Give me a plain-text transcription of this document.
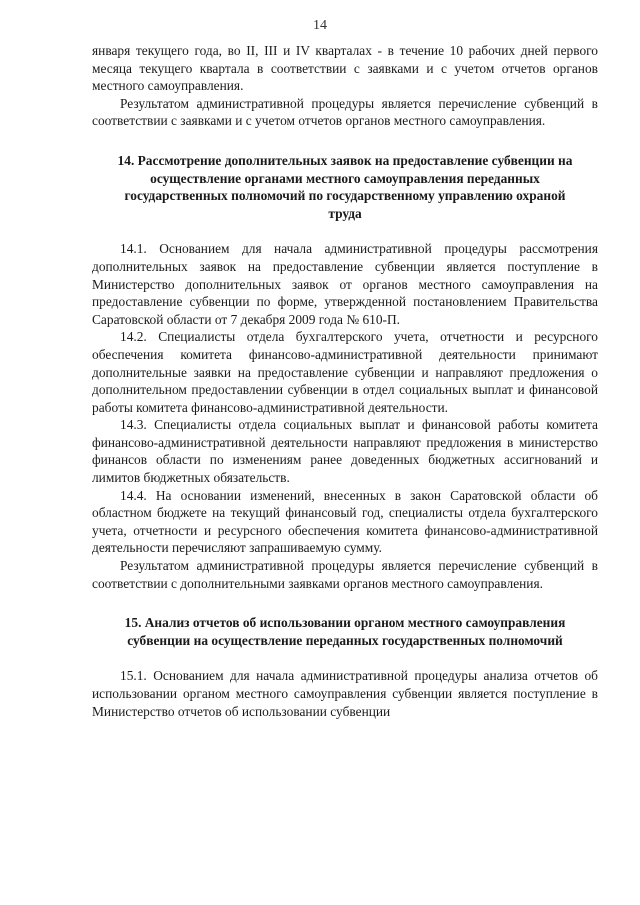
14

января текущего года, во II, III и IV кварталах - в течение 10 рабочих дней первого месяца текущего квартала в соответствии с заявками и с учетом отчетов органов местного самоуправления.

Результатом административной процедуры является перечисление субвенций в соответствии с заявками и с учетом отчетов органов местного самоуправления.

14. Рассмотрение дополнительных заявок на предоставление субвенции на осуществление органами местного самоуправления переданных государственных полномочий по государственному управлению охраной труда

14.1. Основанием для начала административной процедуры рассмотрения дополнительных заявок на предоставление субвенции является поступление в Министерство дополнительных заявок от органов местного самоуправления на предоставление субвенции по форме, утвержденной постановлением Правительства Саратовской области от 7 декабря 2009 года № 610-П.

14.2. Специалисты отдела бухгалтерского учета, отчетности и ресурсного обеспечения комитета финансово-административной деятельности принимают дополнительные заявки на предоставление субвенции и направляют предложения о дополнительном предоставлении субвенции в отдел социальных выплат и финансовой работы комитета финансово-административной деятельности.

14.3. Специалисты отдела социальных выплат и финансовой работы комитета финансово-административной деятельности направляют предложения в министерство финансов области по изменениям ранее доведенных бюджетных ассигнований и лимитов бюджетных обязательств.

14.4. На основании изменений, внесенных в закон Саратовской области об областном бюджете на текущий финансовый год, специалисты отдела бухгалтерского учета, отчетности и ресурсного обеспечения комитета финансово-административной деятельности перечисляют запрашиваемую сумму.

Результатом административной процедуры является перечисление субвенций в соответствии с дополнительными заявками органов местного самоуправления.

15. Анализ отчетов об использовании органом местного самоуправления субвенции на осуществление переданных государственных полномочий

15.1. Основанием для начала административной процедуры анализа отчетов об использовании органом местного самоуправления субвенции является поступление в Министерство отчетов об использовании субвенции
